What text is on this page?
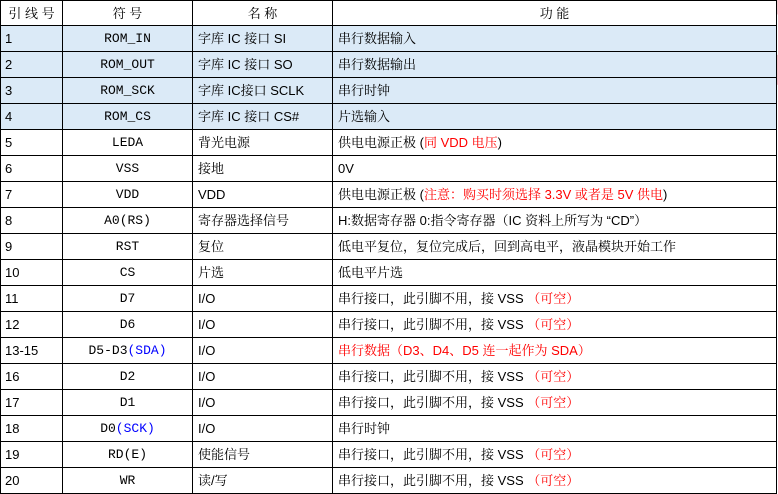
引 线 号	符 号	名 称	功 能
1	ROM_IN	字库 IC 接口 SI	串行数据输入
2	ROM_OUT	字库 IC 接口 SO	串行数据输出
3	ROM_SCK	字库 IC接口 SCLK	串行时钟
4	ROM_CS	字库 IC 接口 CS#	片选输入
5	LEDA	背光电源	供电电源正极 (同 VDD 电压)
6	VSS	接地	0V
7	VDD	VDD	供电电源正极 (注意：购买时须选择 3.3V 或者是 5V 供电)
8	A0(RS)	寄存器选择信号	H:数据寄存器 0:指令寄存器（IC 资料上所写为 “CD”）
9	RST	复位	低电平复位，复位完成后，回到高电平，液晶模块开始工作
10	CS	片选	低电平片选
11	D7	I/O	串行接口，此引脚不用，接 VSS （可空）
12	D6	I/O	串行接口，此引脚不用，接 VSS （可空）
13-15	D5-D3(SDA)	I/O	串行数据（D3、D4、D5 连一起作为 SDA）
16	D2	I/O	串行接口，此引脚不用，接 VSS （可空）
17	D1	I/O	串行接口，此引脚不用，接 VSS （可空）
18	D0(SCK)	I/O	串行时钟
19	RD(E)	使能信号	串行接口，此引脚不用，接 VSS （可空）
20	WR	读/写	串行接口，此引脚不用，接 VSS （可空）
